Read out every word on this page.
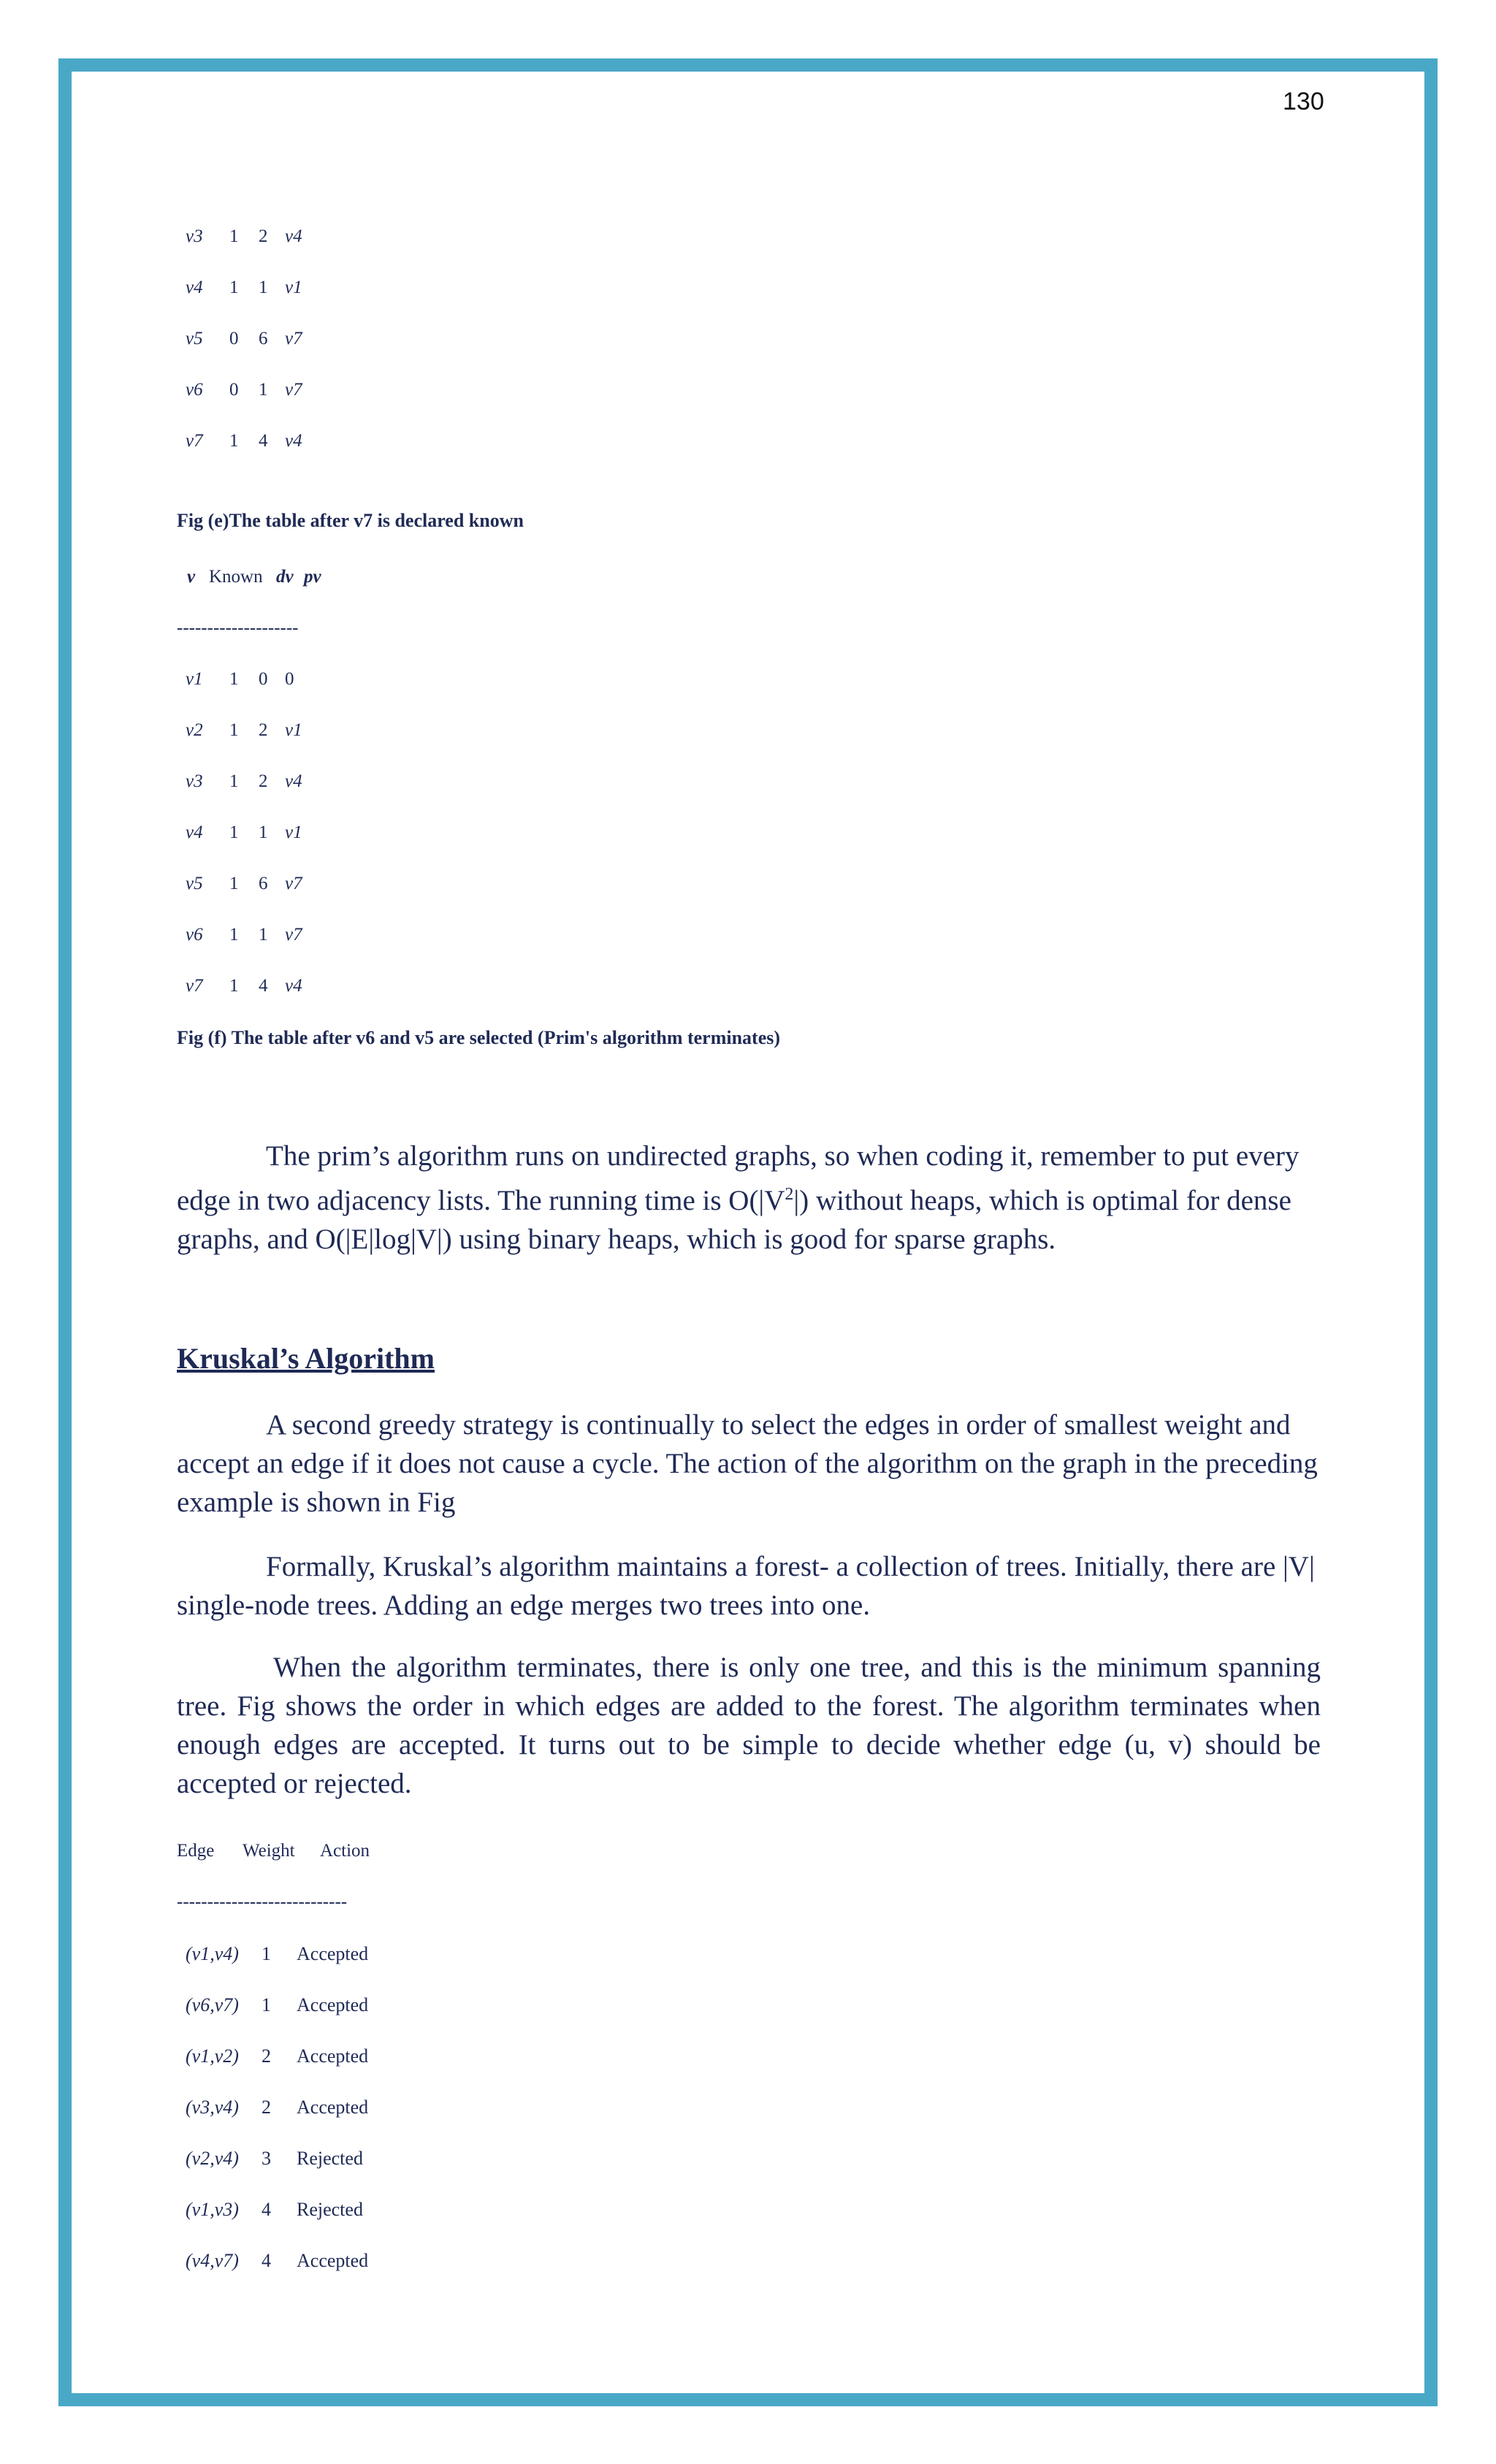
130
v3 1 2 v4
v4 1 1 v1
v5 0 6 v7
v6 0 1 v7
v7 1 4 v4
Fig (e)The table after v7 is declared known
v Known dv pv
--------------------
v1 1 0 0
v2 1 2 v1
v3 1 2 v4
v4 1 1 v1
v5 1 6 v7
v6 1 1 v7
v7 1 4 v4
Fig (f) The table after v6 and v5 are selected (Prim's algorithm terminates)

The prim’s algorithm runs on undirected graphs, so when coding it, remember to put every edge in two adjacency lists. The running time is $O(|V^2|)$ without heaps, which is optimal for dense graphs, and O(|E|log|V|) using binary heaps, which is good for sparse graphs.

Kruskal’s Algorithm

A second greedy strategy is continually to select the edges in order of smallest weight and accept an edge if it does not cause a cycle. The action of the algorithm on the graph in the preceding example is shown in Fig

Formally, Kruskal’s algorithm maintains a forest- a collection of trees. Initially, there are |V| single-node trees. Adding an edge merges two trees into one.

When the algorithm terminates, there is only one tree, and this is the minimum spanning tree. Fig shows the order in which edges are added to the forest. The algorithm terminates when enough edges are accepted. It turns out to be simple to decide whether edge (u, v) should be accepted or rejected.

Edge Weight Action
----------------------------
(v1,v4) 1 Accepted
(v6,v7) 1 Accepted
(v1,v2) 2 Accepted
(v3,v4) 2 Accepted
(v2,v4) 3 Rejected
(v1,v3) 4 Rejected
(v4,v7) 4 Accepted
